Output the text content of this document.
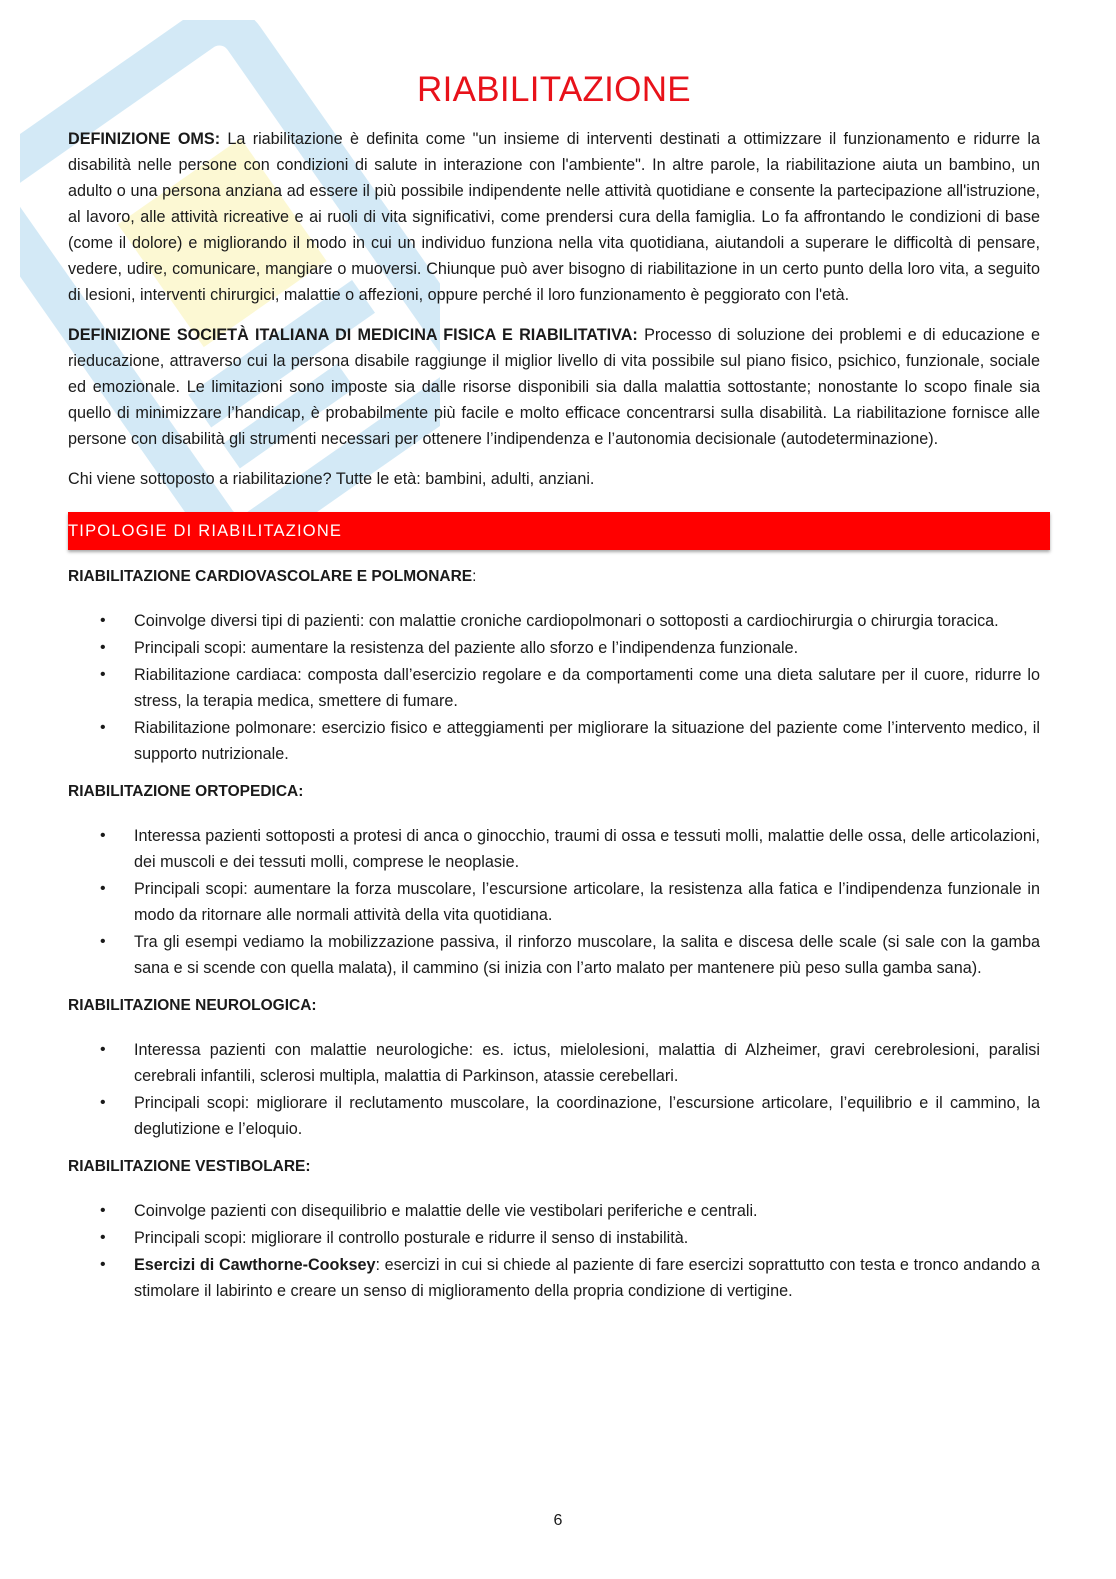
RIABILITAZIONE

DEFINIZIONE OMS: La riabilitazione è definita come "un insieme di interventi destinati a ottimizzare il funzionamento e ridurre la disabilità nelle persone con condizioni di salute in interazione con l'ambiente". In altre parole, la riabilitazione aiuta un bambino, un adulto o una persona anziana ad essere il più possibile indipendente nelle attività quotidiane e consente la partecipazione all'istruzione, al lavoro, alle attività ricreative e ai ruoli di vita significativi, come prendersi cura della famiglia. Lo fa affrontando le condizioni di base (come il dolore) e migliorando il modo in cui un individuo funziona nella vita quotidiana, aiutandoli a superare le difficoltà di pensare, vedere, udire, comunicare, mangiare o muoversi. Chiunque può aver bisogno di riabilitazione in un certo punto della loro vita, a seguito di lesioni, interventi chirurgici, malattie o affezioni, oppure perché il loro funzionamento è peggiorato con l'età.

DEFINIZIONE SOCIETÀ ITALIANA DI MEDICINA FISICA E RIABILITATIVA: Processo di soluzione dei problemi e di educazione e rieducazione, attraverso cui la persona disabile raggiunge il miglior livello di vita possibile sul piano fisico, psichico, funzionale, sociale ed emozionale. Le limitazioni sono imposte sia dalle risorse disponibili sia dalla malattia sottostante; nonostante lo scopo finale sia quello di minimizzare l’handicap, è probabilmente più facile e molto efficace concentrarsi sulla disabilità. La riabilitazione fornisce alle persone con disabilità gli strumenti necessari per ottenere l’indipendenza e l’autonomia decisionale (autodeterminazione).

Chi viene sottoposto a riabilitazione? Tutte le età: bambini, adulti, anziani.

TIPOLOGIE DI RIABILITAZIONE
RIABILITAZIONE CARDIOVASCOLARE E POLMONARE:
• Coinvolge diversi tipi di pazienti: con malattie croniche cardiopolmonari o sottoposti a cardiochirurgia o chirurgia toracica.
• Principali scopi: aumentare la resistenza del paziente allo sforzo e l’indipendenza funzionale.
• Riabilitazione cardiaca: composta dall’esercizio regolare e da comportamenti come una dieta salutare per il cuore, ridurre lo stress, la terapia medica, smettere di fumare.
• Riabilitazione polmonare: esercizio fisico e atteggiamenti per migliorare la situazione del paziente come l’intervento medico, il supporto nutrizionale.
RIABILITAZIONE ORTOPEDICA:
• Interessa pazienti sottoposti a protesi di anca o ginocchio, traumi di ossa e tessuti molli, malattie delle ossa, delle articolazioni, dei muscoli e dei tessuti molli, comprese le neoplasie.
• Principali scopi: aumentare la forza muscolare, l’escursione articolare, la resistenza alla fatica e l’indipendenza funzionale in modo da ritornare alle normali attività della vita quotidiana.
• Tra gli esempi vediamo la mobilizzazione passiva, il rinforzo muscolare, la salita e discesa delle scale (si sale con la gamba sana e si scende con quella malata), il cammino (si inizia con l’arto malato per mantenere più peso sulla gamba sana).
RIABILITAZIONE NEUROLOGICA:
• Interessa pazienti con malattie neurologiche: es. ictus, mielolesioni, malattia di Alzheimer, gravi cerebrolesioni, paralisi cerebrali infantili, sclerosi multipla, malattia di Parkinson, atassie cerebellari.
• Principali scopi: migliorare il reclutamento muscolare, la coordinazione, l’escursione articolare, l’equilibrio e il cammino, la deglutizione e l’eloquio.
RIABILITAZIONE VESTIBOLARE:
• Coinvolge pazienti con disequilibrio e malattie delle vie vestibolari periferiche e centrali.
• Principali scopi: migliorare il controllo posturale e ridurre il senso di instabilità.
• Esercizi di Cawthorne-Cooksey: esercizi in cui si chiede al paziente di fare esercizi soprattutto con testa e tronco andando a stimolare il labirinto e creare un senso di miglioramento della propria condizione di vertigine.
6
